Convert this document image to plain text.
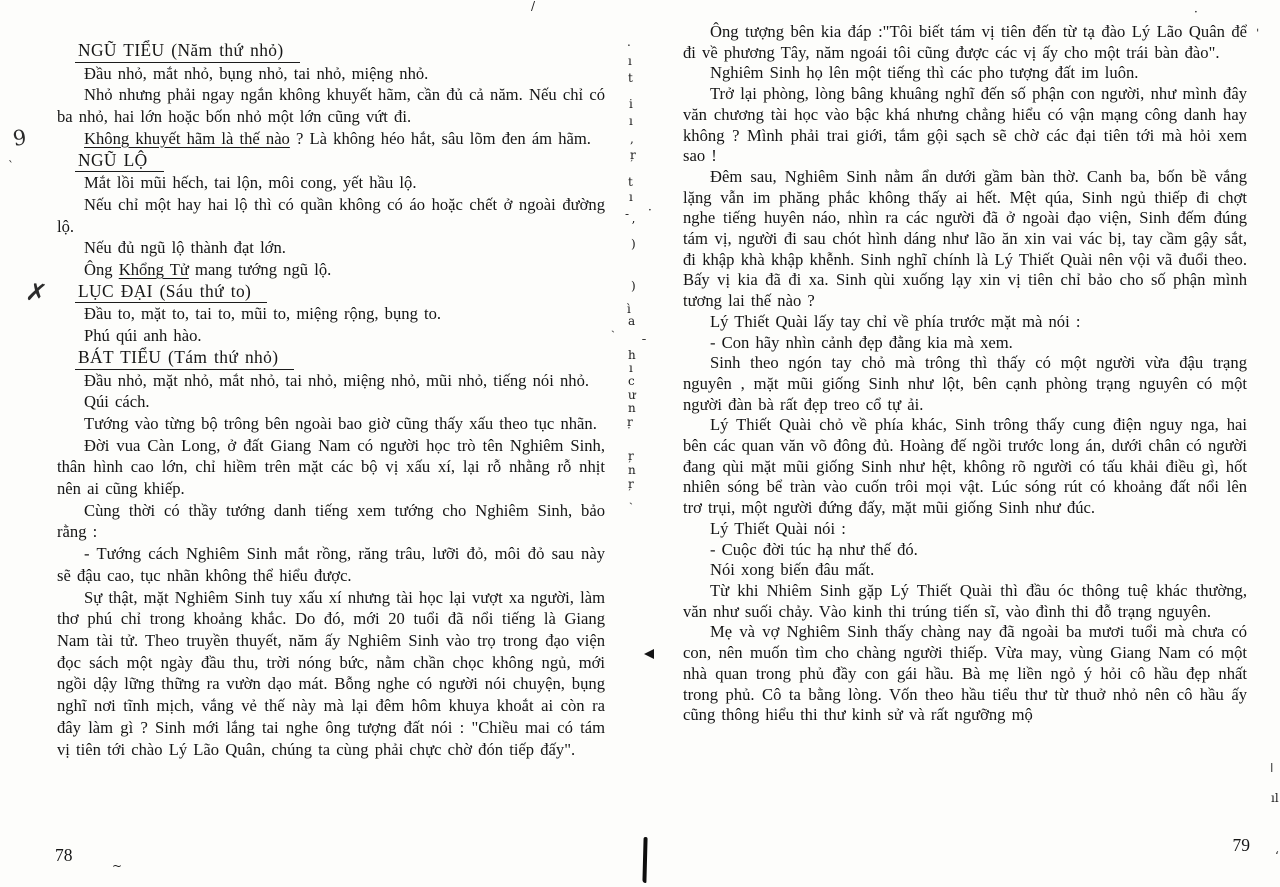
NGŨ TIỂU (Năm thứ nhỏ)
Đầu nhỏ, mắt nhỏ, bụng nhỏ, tai nhỏ, miệng nhỏ.
Nhỏ nhưng phải ngay ngắn không khuyết hãm, cần đủ cả năm. Nếu chỉ có ba nhỏ, hai lớn hoặc bốn nhỏ một lớn cũng vứt đi.
Không khuyết hãm là thế nào ? Là không héo hắt, sâu lõm đen ám hãm.
NGŨ LỘ
Mắt lồi mũi hếch, tai lộn, môi cong, yết hầu lộ.
Nếu chỉ một hay hai lộ thì có quần không có áo hoặc chết ở ngoài đường lộ.
Nếu đủ ngũ lộ thành đạt lớn.
Ông Khổng Tử mang tướng ngũ lộ.
LỤC ĐẠI (Sáu thứ to)
Đầu to, mặt to, tai to, mũi to, miệng rộng, bụng to.
Phú qúi anh hào.
BÁT TIỂU (Tám thứ nhỏ)
Đầu nhỏ, mặt nhỏ, mắt nhỏ, tai nhỏ, miệng nhỏ, mũi nhỏ, tiếng nói nhỏ.
Qúi cách.
Tướng vào từng bộ trông bên ngoài bao giờ cũng thấy xấu theo tục nhãn.
Đời vua Càn Long, ở đất Giang Nam có người học trò tên Nghiêm Sinh, thân hình cao lớn, chỉ hiềm trên mặt các bộ vị xấu xí, lại rỗ nhằng rỗ nhịt nên ai cũng khiếp.
Cùng thời có thầy tướng danh tiếng xem tướng cho Nghiêm Sinh, bảo rằng :
- Tướng cách Nghiêm Sinh mắt rồng, răng trâu, lưỡi đỏ, môi đỏ sau này sẽ đậu cao, tục nhãn không thể hiểu được.
Sự thật, mặt Nghiêm Sinh tuy xấu xí nhưng tài học lại vượt xa người, làm thơ phú chỉ trong khoảng khắc. Do đó, mới 20 tuổi đã nổi tiếng là Giang Nam tài tử. Theo truyền thuyết, năm ấy Nghiêm Sinh vào trọ trong đạo viện đọc sách một ngày đầu thu, trời nóng bức, nằm chần chọc không ngủ, mới ngồi dậy lững thững ra vườn dạo mát. Bỗng nghe có người nói chuyện, bụng nghĩ nơi tĩnh mịch, vắng vẻ thế này mà lại đêm hôm khuya khoắt ai còn ra đây làm gì ? Sinh mới lắng tai nghe ông tượng đất nói : "Chiều mai có tám vị tiên tới chào Lý Lão Quân, chúng ta cùng phải chực chờ đón tiếp đấy".
Ông tượng bên kia đáp :"Tôi biết tám vị tiên đến từ tạ đào Lý Lão Quân để đi về phương Tây, năm ngoái tôi cũng được các vị ấy cho một trái bàn đào".
Nghiêm Sinh họ lên một tiếng thì các pho tượng đất im luôn.
Trở lại phòng, lòng bâng khuâng nghĩ đến số phận con người, như mình đây văn chương tài học vào bậc khá nhưng chẳng hiểu có vận mạng công danh hay không ? Mình phải trai giới, tắm gội sạch sẽ chờ các đại tiên tới mà hỏi xem sao !
Đêm sau, Nghiêm Sinh nằm ẩn dưới gầm bàn thờ. Canh ba, bốn bề vắng lặng vẫn im phăng phắc không thấy ai hết. Mệt qúa, Sinh ngủ thiếp đi chợt nghe tiếng huyên náo, nhìn ra các người đã ở ngoài đạo viện, Sinh đếm đúng tám vị, người đi sau chót hình dáng như lão ăn xin vai vác bị, tay cầm gậy sắt, đi khập khà khập khễnh. Sinh nghĩ chính là Lý Thiết Quài nên vội vã đuổi theo. Bấy vị kia đã đi xa. Sinh qùi xuống lạy xin vị tiên chỉ bảo cho số phận mình tương lai thế nào ?
Lý Thiết Quài lấy tay chỉ về phía trước mặt mà nói :
- Con hãy nhìn cảnh đẹp đằng kia mà xem.
Sinh theo ngón tay chỏ mà trông thì thấy có một người vừa đậu trạng nguyên , mặt mũi giống Sinh như lột, bên cạnh phòng trạng nguyên có một người đàn bà rất đẹp treo cổ tự ải.
Lý Thiết Quài chỏ về phía khác, Sinh trông thấy cung điện nguy nga, hai bên các quan văn võ đông đủ. Hoàng đế ngồi trước long án, dưới chân có người đang qùi mặt mũi giống Sinh như hệt, không rõ người có tấu khải điều gì, hốt nhiên sóng bể tràn vào cuốn trôi mọi vật. Lúc sóng rút có khoảng đất nổi lên trơ trụi, một người đứng đấy, mặt mũi giống Sinh như đúc.
Lý Thiết Quài nói :
- Cuộc đời túc hạ như thế đó.
Nói xong biến đâu mất.
Từ khi Nhiêm Sinh gặp Lý Thiết Quài thì đầu óc thông tuệ khác thường, văn như suối chảy. Vào kinh thi trúng tiến sĩ, vào đình thi đỗ trạng nguyên.
Mẹ và vợ Nghiêm Sinh thấy chàng nay đã ngoài ba mươi tuổi mà chưa có con, nên muốn tìm cho chàng người thiếp. Vừa may, vùng Giang Nam có một nhà quan trong phủ đầy con gái hầu. Bà mẹ liền ngỏ ý hỏi cô hầu đẹp nhất trong phủ. Cô ta bằng lòng. Vốn theo hầu tiểu thư từ thuở nhỏ nên cô hầu ấy cũng thông hiểu thi thư kinh sử và rất ngưỡng mộ
78	79
9
✗
/	·
ˈ
.
ı
t
i
ı
,
ŗ
t
ı
- ·
ʼ
)
)
ì
a
ˏ
ˉ
h
ı
c
ư
n
ṛ
ŗ
n
ŗ
ˎ
ˋ
~
ǀ
ıl
ʻ
